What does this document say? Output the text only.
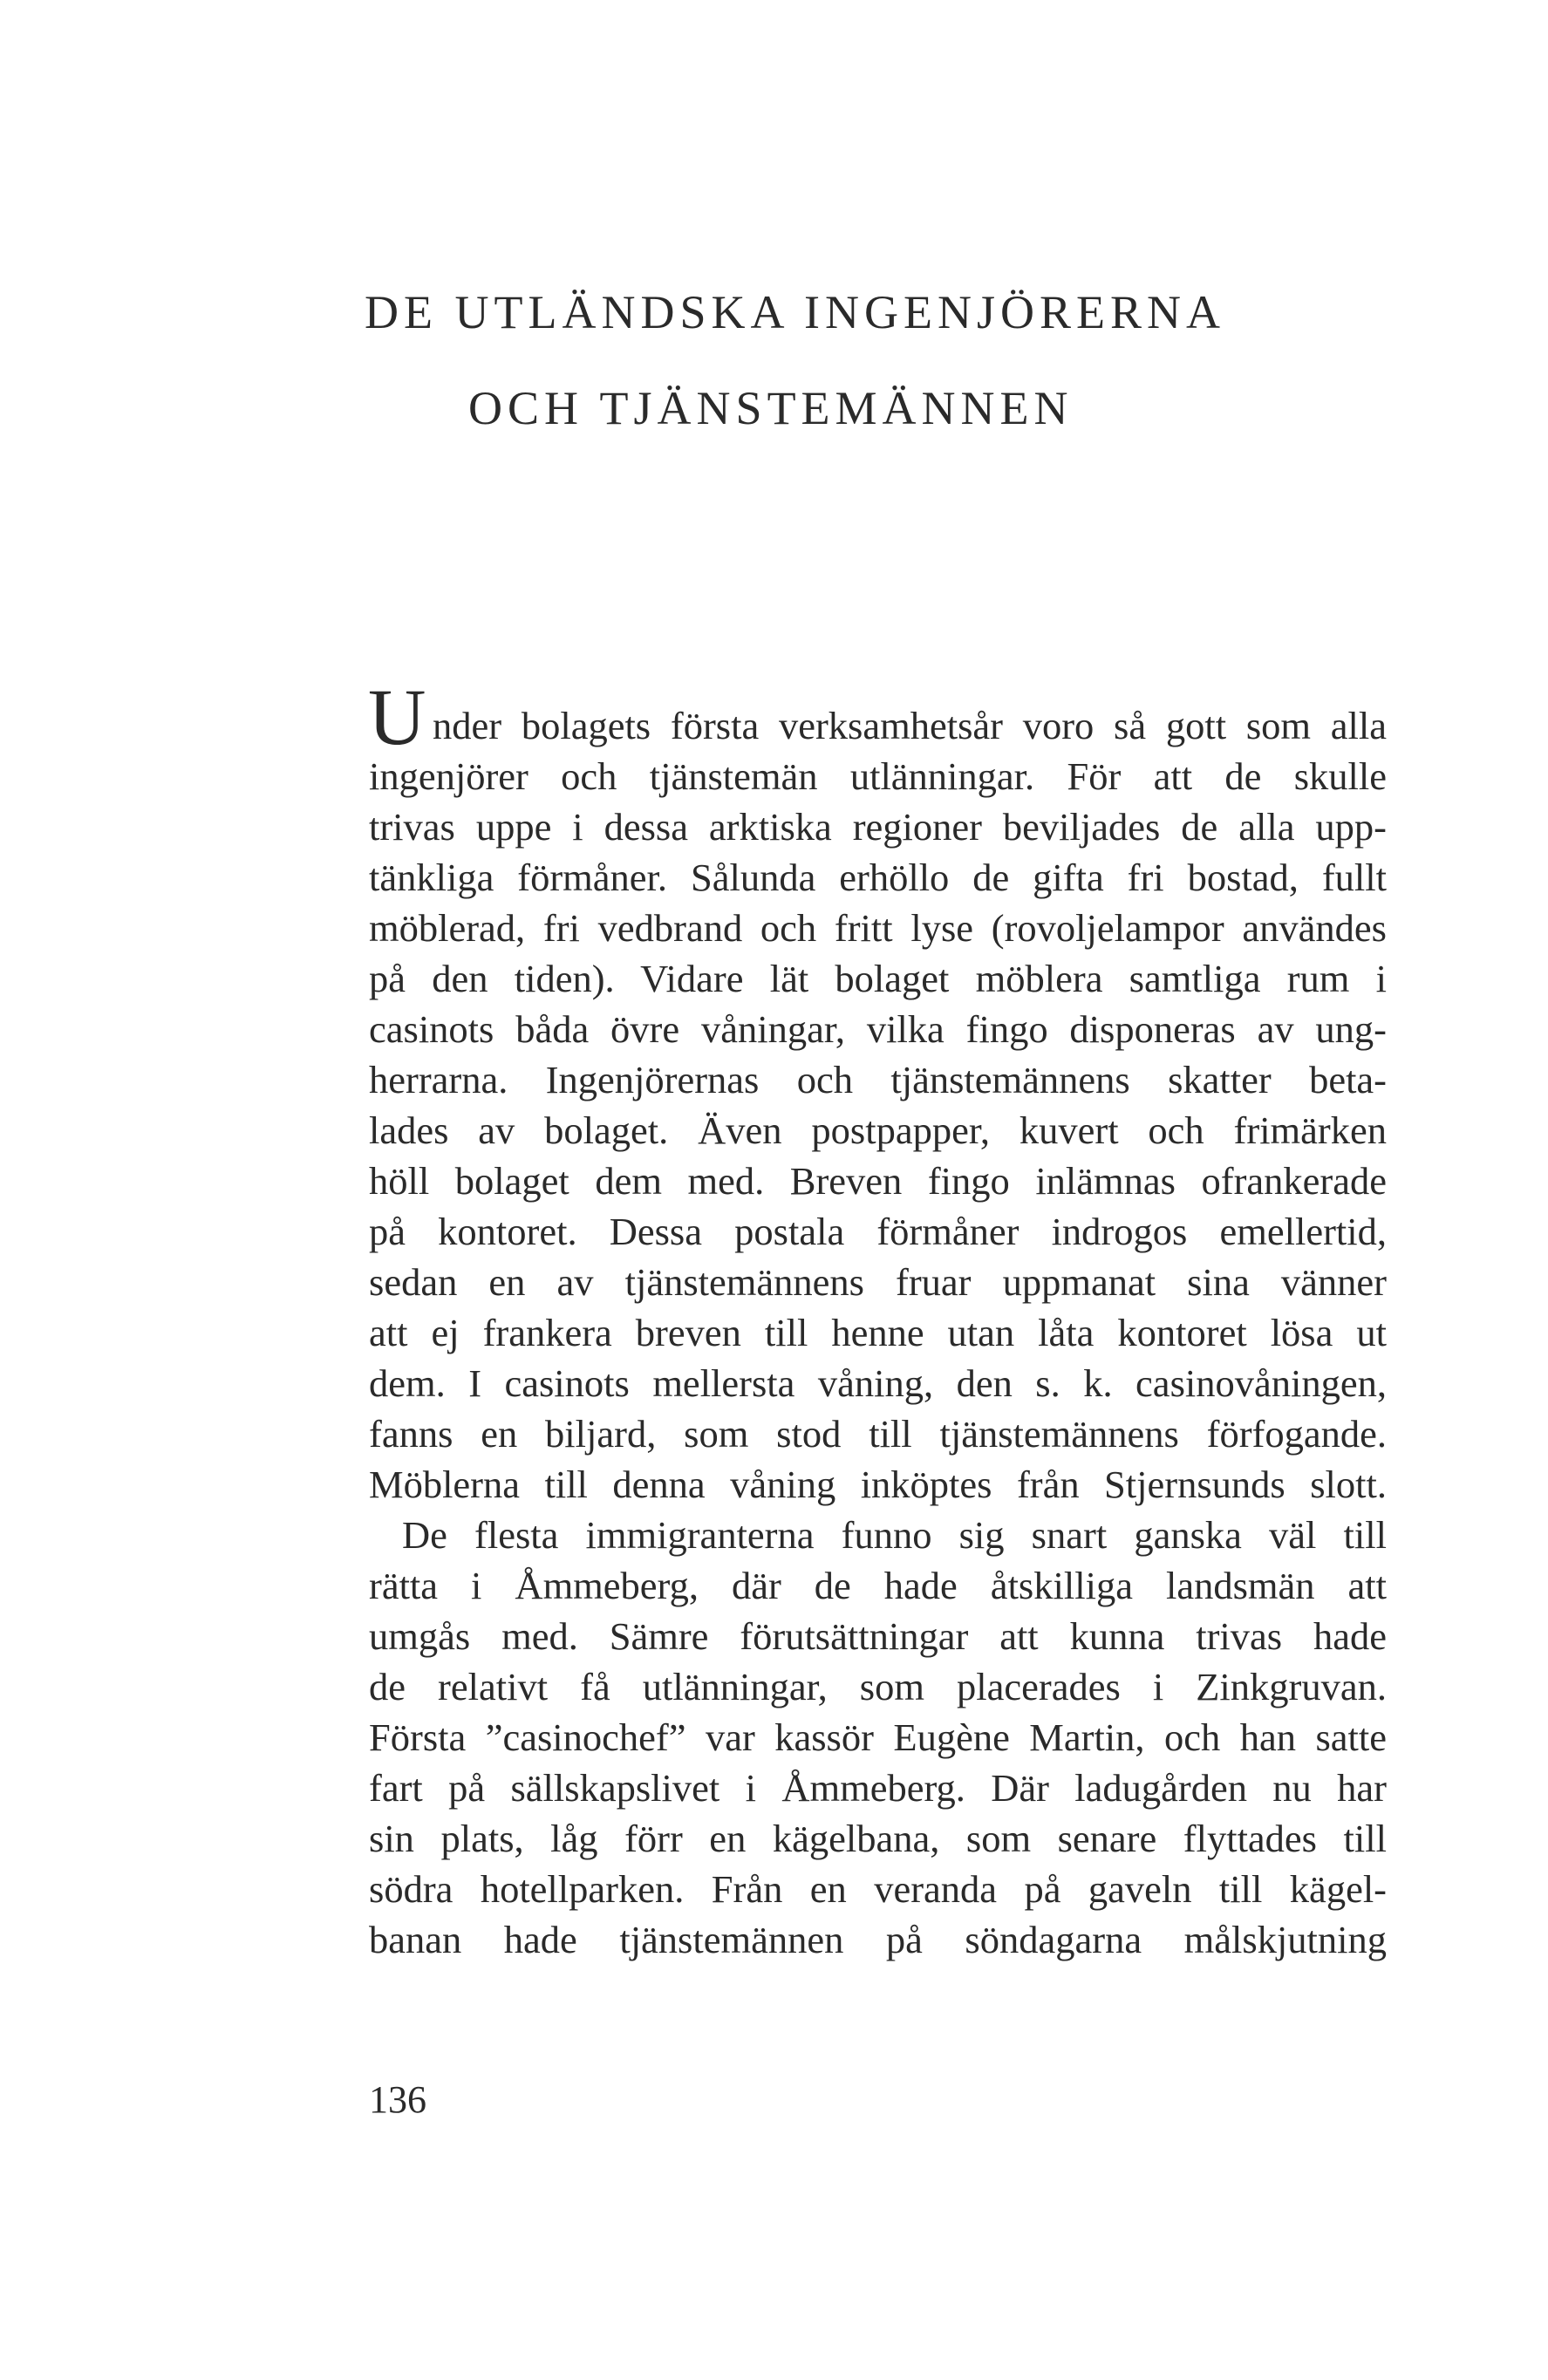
DE UTLÄNDSKA INGENJÖRERNA
OCH TJÄNSTEMÄNNEN
U nder bolagets första verksamhetsår voro så gott som alla

ingenjörer och tjänstemän utlänningar. För att de skulle

trivas uppe i dessa arktiska regioner beviljades de alla upp-

tänkliga förmåner. Sålunda erhöllo de gifta fri bostad, fullt

möblerad, fri vedbrand och fritt lyse (rovoljelampor användes

på den tiden). Vidare lät bolaget möblera samtliga rum i

casinots båda övre våningar, vilka fingo disponeras av ung-

herrarna. Ingenjörernas och tjänstemännens skatter beta-

lades av bolaget. Även postpapper, kuvert och frimärken

höll bolaget dem med. Breven fingo inlämnas ofrankerade

på kontoret. Dessa postala förmåner indrogos emellertid,

sedan en av tjänstemännens fruar uppmanat sina vänner

att ej frankera breven till henne utan låta kontoret lösa ut

dem. I casinots mellersta våning, den s. k. casinovåningen,

fanns en biljard, som stod till tjänstemännens förfogande.

Möblerna till denna våning inköptes från Stjernsunds slott.

De flesta immigranterna funno sig snart ganska väl till

rätta i Åmmeberg, där de hade åtskilliga landsmän att

umgås med. Sämre förutsättningar att kunna trivas hade

de relativt få utlänningar, som placerades i Zinkgruvan.

Första ”casinochef” var kassör Eugène Martin, och han satte

fart på sällskapslivet i Åmmeberg. Där ladugården nu har

sin plats, låg förr en kägelbana, som senare flyttades till

södra hotellparken. Från en veranda på gaveln till kägel-

banan hade tjänstemännen på söndagarna målskjutning

136
